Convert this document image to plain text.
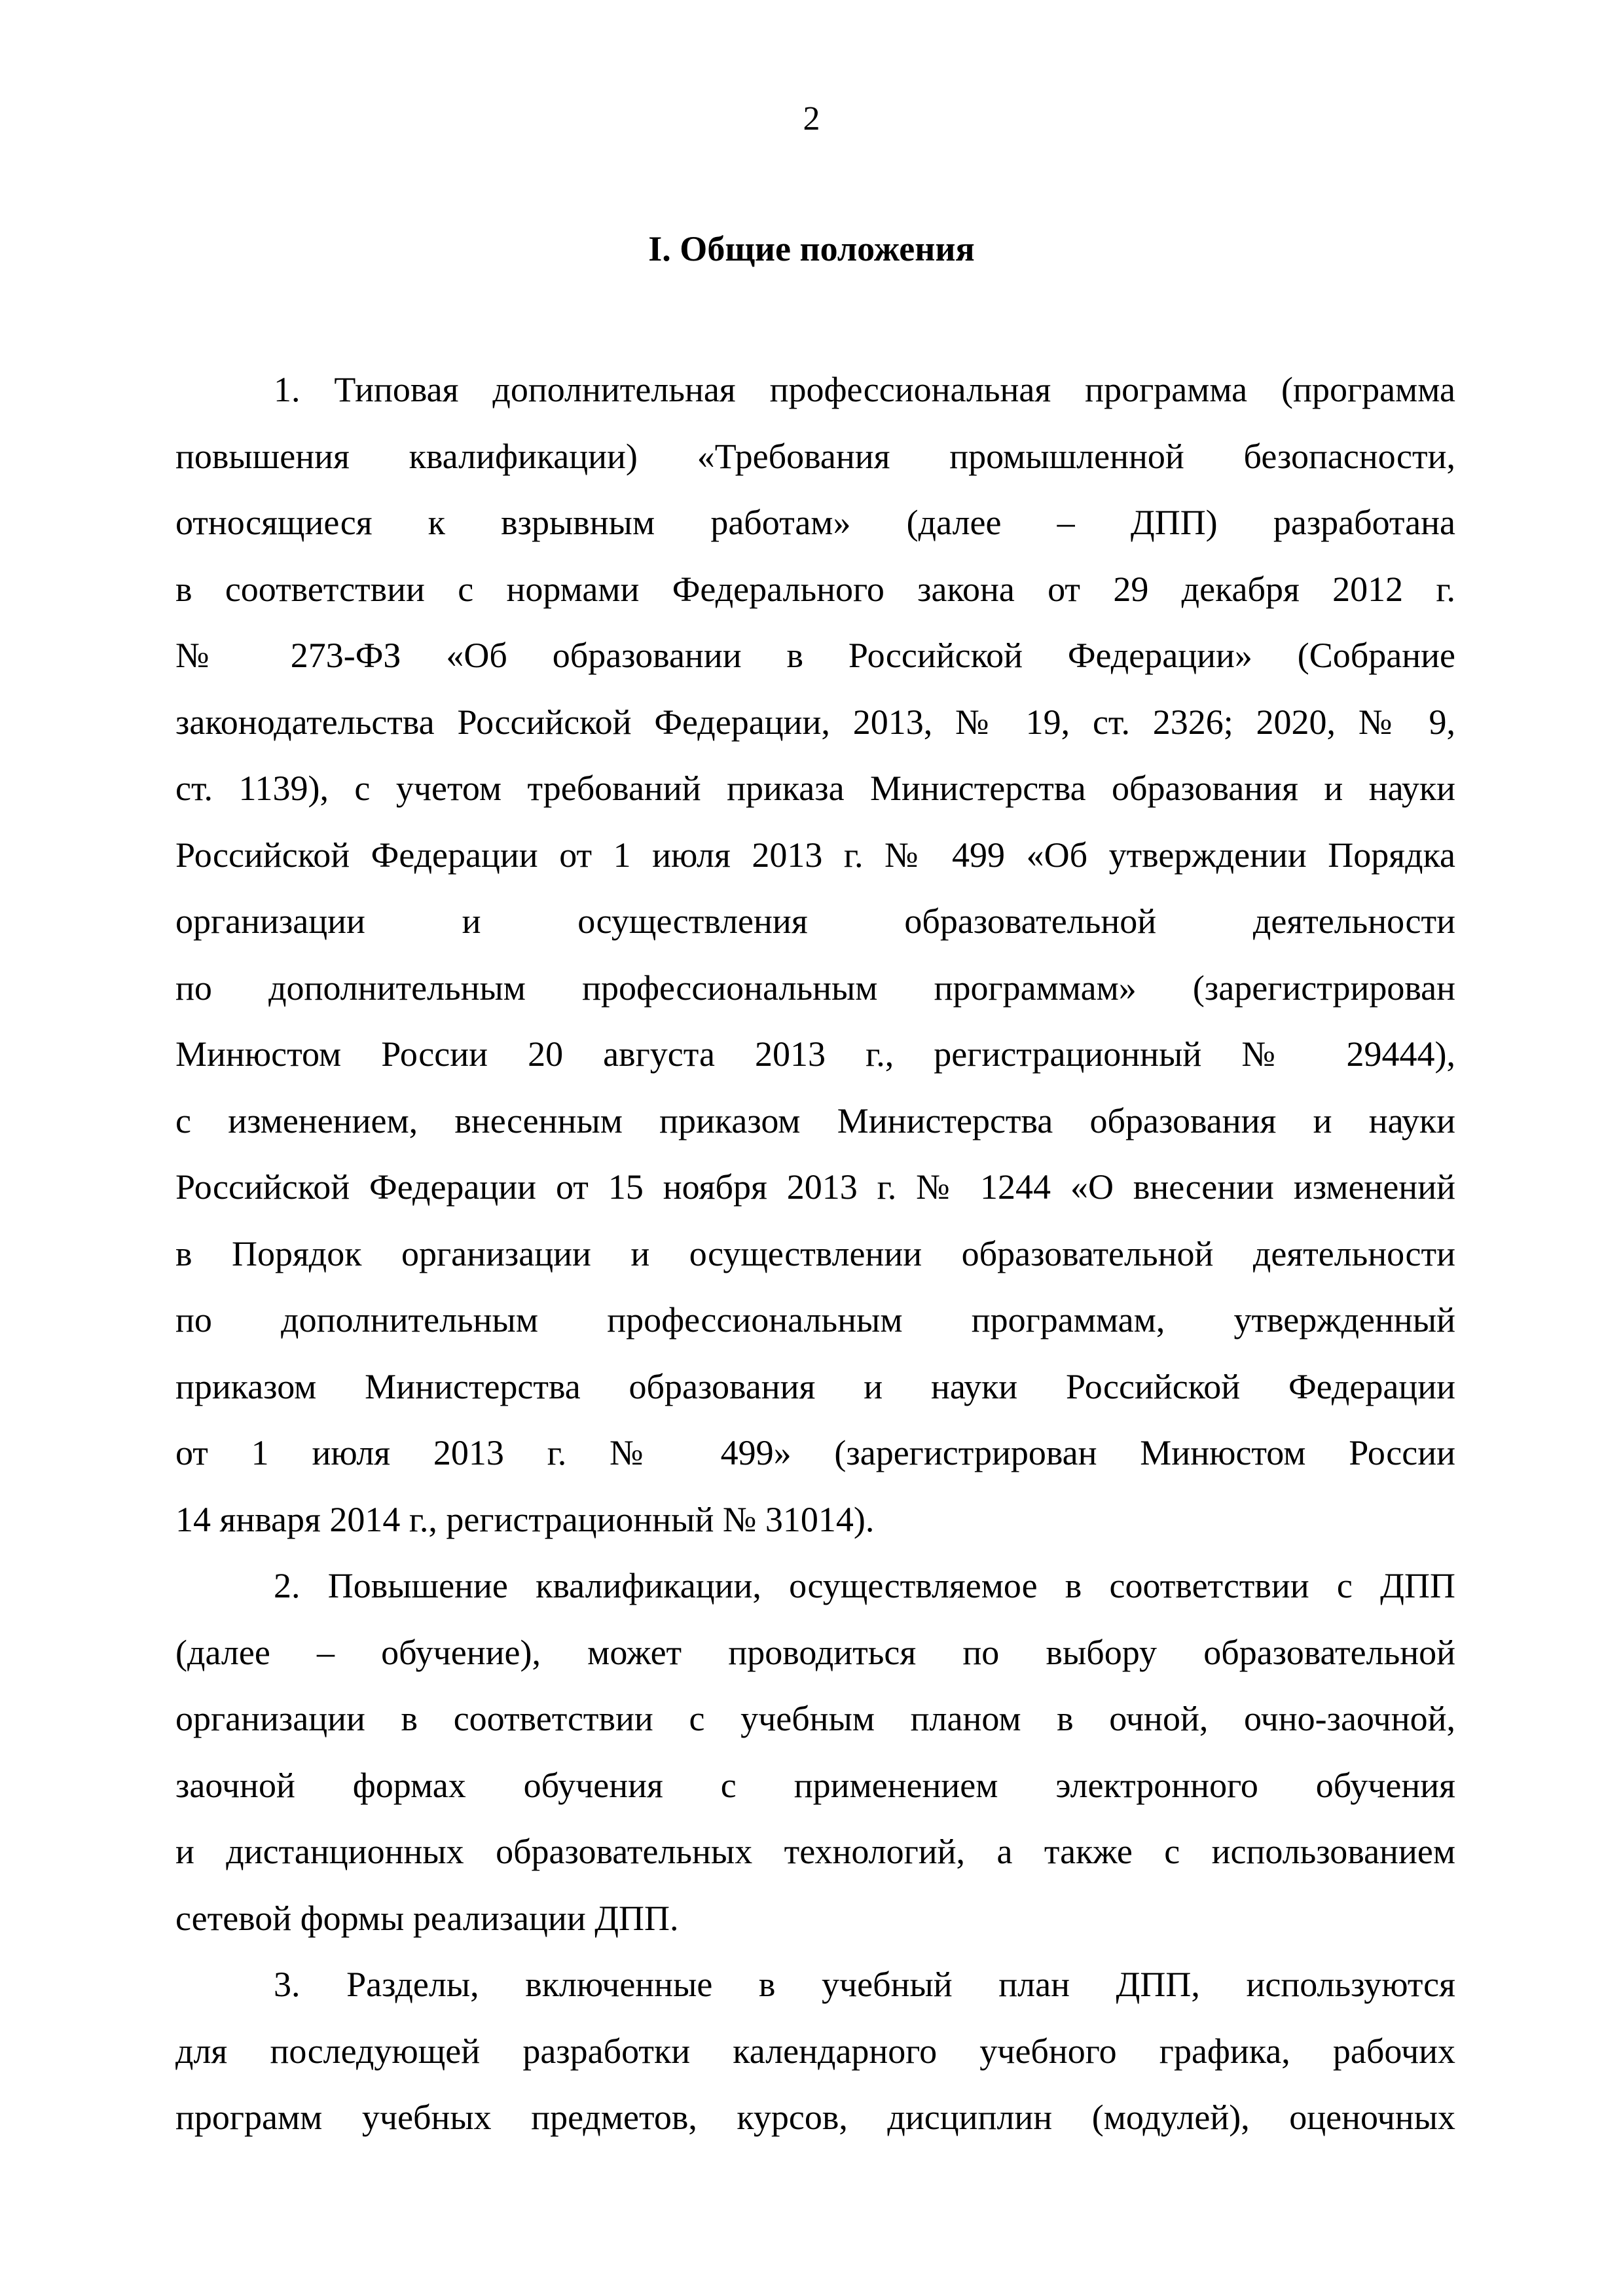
2
I. Общие положения
1. Типовая дополнительная профессиональная программа (программа
повышения квалификации) «Требования промышленной безопасности,
относящиеся к взрывным работам» (далее – ДПП) разработана
в соответствии с нормами Федерального закона от 29 декабря 2012 г.
№ 273-ФЗ «Об образовании в Российской Федерации» (Собрание
законодательства Российской Федерации, 2013, № 19, ст. 2326; 2020, № 9,
ст. 1139), с учетом требований приказа Министерства образования и науки
Российской Федерации от 1 июля 2013 г. № 499 «Об утверждении Порядка
организации и осуществления образовательной деятельности
по дополнительным профессиональным программам» (зарегистрирован
Минюстом России 20 августа 2013 г., регистрационный № 29444),
с изменением, внесенным приказом Министерства образования и науки
Российской Федерации от 15 ноября 2013 г. № 1244 «О внесении изменений
в Порядок организации и осуществлении образовательной деятельности
по дополнительным профессиональным программам, утвержденный
приказом Министерства образования и науки Российской Федерации
от 1 июля 2013 г. № 499» (зарегистрирован Минюстом России
14 января 2014 г., регистрационный № 31014).
2. Повышение квалификации, осуществляемое в соответствии с ДПП
(далее – обучение), может проводиться по выбору образовательной
организации в соответствии с учебным планом в очной, очно-заочной,
заочной формах обучения с применением электронного обучения
и дистанционных образовательных технологий, а также с использованием
сетевой формы реализации ДПП.
3. Разделы, включенные в учебный план ДПП, используются
для последующей разработки календарного учебного графика, рабочих
программ учебных предметов, курсов, дисциплин (модулей), оценочных
